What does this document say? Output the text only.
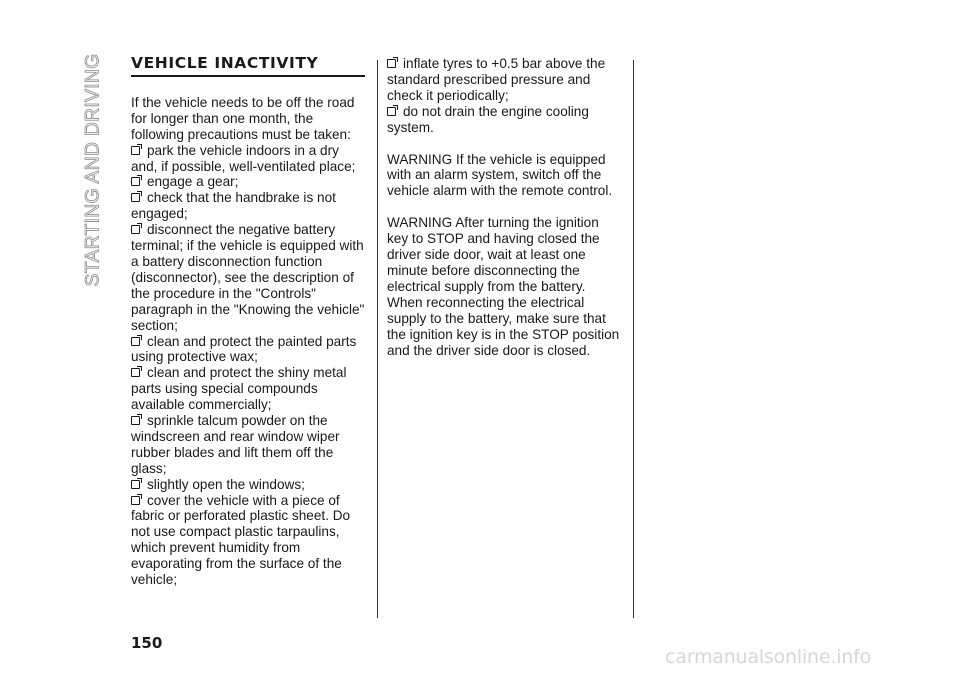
STARTING AND DRIVING VEHICLE INACTIVITY

If the vehicle needs to be off the road for longer than one month, the following precautions must be taken:

park the vehicle indoors in a dry and, if possible, well-ventilated place;

engage a gear;

check that the handbrake is not engaged;

disconnect the negative battery terminal; if the vehicle is equipped with a battery disconnection function (disconnector), see the description of the procedure in the "Controls" paragraph in the "Knowing the vehicle" section;

clean and protect the painted parts using protective wax;

clean and protect the shiny metal parts using special compounds available commercially;

sprinkle talcum powder on the windscreen and rear window wiper rubber blades and lift them off the glass;

slightly open the windows;

cover the vehicle with a piece of fabric or perforated plastic sheet. Do not use compact plastic tarpaulins, which prevent humidity from evaporating from the surface of the vehicle;

inflate tyres to +0.5 bar above the standard prescribed pressure and check it periodically;

do not drain the engine cooling system.

WARNING If the vehicle is equipped with an alarm system, switch off the vehicle alarm with the remote control.

WARNING After turning the ignition key to STOP and having closed the driver side door, wait at least one minute before disconnecting the electrical supply from the battery. When reconnecting the electrical supply to the battery, make sure that the ignition key is in the STOP position and the driver side door is closed.

150
carmanualsonline.info
